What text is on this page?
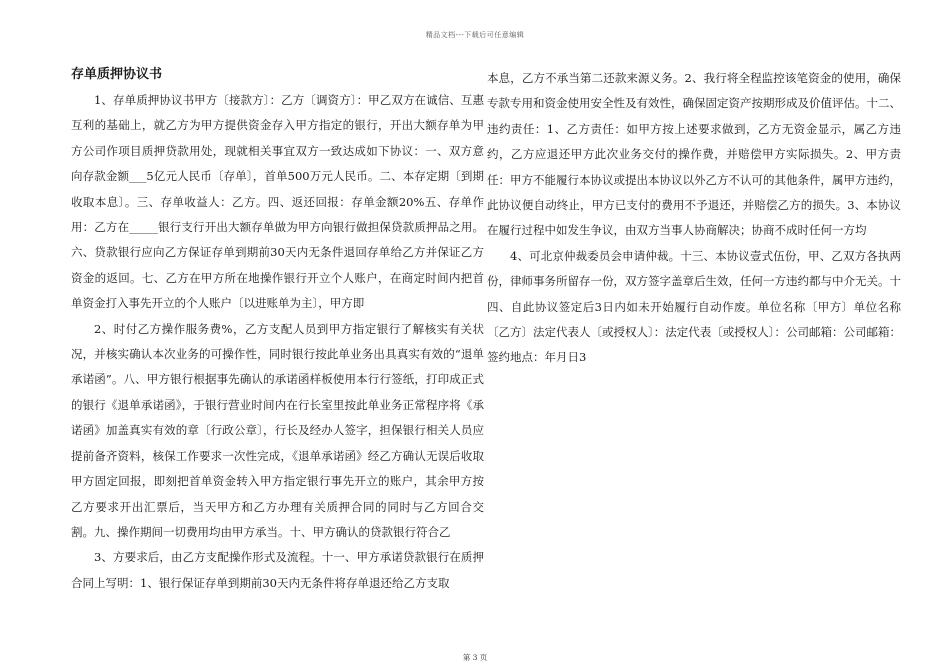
精品文档---下载后可任意编辑
存单质押协议书

1、存单质押协议书甲方〔接款方〕：乙方〔调资方〕：甲乙双方在诚信、互惠互利的基础上，就乙方为甲方提供资金存入甲方指定的银行，开出大额存单为甲方公司作项目质押贷款用处，现就相关事宜双方一致达成如下协议：一、双方意向存款金额___5亿元人民币〔存单〕，首单500万元人民币。二、本存定期〔到期收取本息〕。三、存单收益人：乙方。四、返还回报：存单金额20%五、存单作用：乙方在_____银行支行开出大额存单做为甲方向银行做担保贷款质押品之用。六、贷款银行应向乙方保证存单到期前30天内无条件退回存单给乙方并保证乙方资金的返回。七、乙方在甲方所在地操作银行开立个人账户，在商定时间内把首单资金打入事先开立的个人账户〔以进账单为主〕，甲方即

2、时付乙方操作服务费%，乙方支配人员到甲方指定银行了解核实有关状况，并核实确认本次业务的可操作性，同时银行按此单业务出具真实有效的“退单承诺函”。八、甲方银行根据事先确认的承诺函样板使用本行行签纸，打印成正式的银行《退单承诺函》，于银行营业时间内在行长室里按此单业务正常程序将《承诺函》加盖真实有效的章〔行政公章〕，行长及经办人签字，担保银行相关人员应提前备齐资料，核保工作要求一次性完成，《退单承诺函》经乙方确认无误后收取甲方固定回报，即刻把首单资金转入甲方指定银行事先开立的账户，其余甲方按乙方要求开出汇票后，当天甲方和乙方办理有关质押合同的同时与乙方回合交割。九、操作期间一切费用均由甲方承当。十、甲方确认的贷款银行符合乙

3、方要求后，由乙方支配操作形式及流程。十一、甲方承诺贷款银行在质押合同上写明：1、银行保证存单到期前30天内无条件将存单退还给乙方支取

本息，乙方不承当第二还款来源义务。2、我行将全程监控该笔资金的使用，确保专款专用和资金使用安全性及有效性，确保固定资产按期形成及价值评估。十二、违约责任：1、乙方责任：如甲方按上述要求做到，乙方无资金显示，属乙方违约，乙方应退还甲方此次业务交付的操作费，并赔偿甲方实际损失。2、甲方责任：甲方不能履行本协议或提出本协议以外乙方不认可的其他条件，属甲方违约，此协议便自动终止，甲方已支付的费用不予退还，并赔偿乙方的损失。3、本协议在履行过程中如发生争议，由双方当事人协商解决；协商不成时任何一方均

4、可北京仲裁委员会申请仲裁。十三、本协议壹式伍份，甲、乙双方各执两份，律师事务所留存一份，双方签字盖章后生效，任何一方违约都与中介无关。十四、自此协议签定后3日内如未开始履行自动作废。单位名称〔甲方〕单位名称〔乙方〕法定代表人〔或授权人〕：法定代表〔或授权人〕：公司邮箱：公司邮箱：签约地点：年月日3

第 3 页
